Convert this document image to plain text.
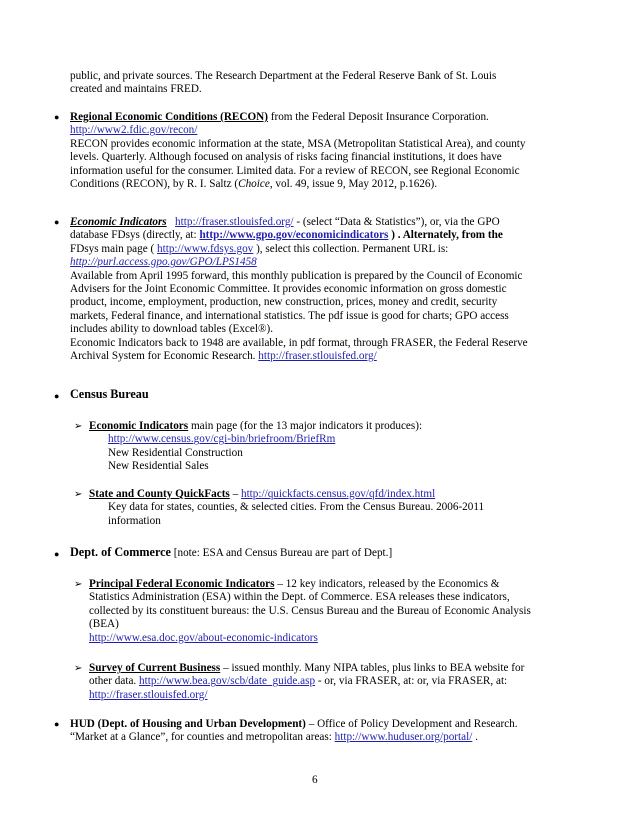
public, and private sources. The Research Department at the Federal Reserve Bank of St. Louis
created and maintains FRED.
● Regional Economic Conditions (RECON) from the Federal Deposit Insurance Corporation.
http://www2.fdic.gov/recon/
RECON provides economic information at the state, MSA (Metropolitan Statistical Area), and county
levels. Quarterly. Although focused on analysis of risks facing financial institutions, it does have
information useful for the consumer. Limited data. For a review of RECON, see Regional Economic
Conditions (RECON), by R. I. Saltz (Choice, vol. 49, issue 9, May 2012, p.1626).
● Economic Indicators http://fraser.stlouisfed.org/ - (select “Data & Statistics”), or, via the GPO
database FDsys (directly, at: http://www.gpo.gov/economicindicators ) . Alternately, from the
FDsys main page ( http://www.fdsys.gov ), select this collection. Permanent URL is:
http://purl.access.gpo.gov/GPO/LPS1458
Available from April 1995 forward, this monthly publication is prepared by the Council of Economic
Advisers for the Joint Economic Committee. It provides economic information on gross domestic
product, income, employment, production, new construction, prices, money and credit, security
markets, Federal finance, and international statistics. The pdf issue is good for charts; GPO access
includes ability to download tables (Excel®).
Economic Indicators back to 1948 are available, in pdf format, through FRASER, the Federal Reserve
Archival System for Economic Research. http://fraser.stlouisfed.org/
● Census Bureau
➢ Economic Indicators main page (for the 13 major indicators it produces):
http://www.census.gov/cgi-bin/briefroom/BriefRm
New Residential Construction
New Residential Sales
➢ State and County QuickFacts – http://quickfacts.census.gov/qfd/index.html
Key data for states, counties, & selected cities. From the Census Bureau. 2006-2011
information
● Dept. of Commerce [note: ESA and Census Bureau are part of Dept.]
➢ Principal Federal Economic Indicators – 12 key indicators, released by the Economics &
Statistics Administration (ESA) within the Dept. of Commerce. ESA releases these indicators,
collected by its constituent bureaus: the U.S. Census Bureau and the Bureau of Economic Analysis
(BEA)
http://www.esa.doc.gov/about-economic-indicators
➢ Survey of Current Business – issued monthly. Many NIPA tables, plus links to BEA website for
other data. http://www.bea.gov/scb/date_guide.asp - or, via FRASER, at: or, via FRASER, at:
http://fraser.stlouisfed.org/
● HUD (Dept. of Housing and Urban Development) – Office of Policy Development and Research.
“Market at a Glance”, for counties and metropolitan areas: http://www.huduser.org/portal/ .
6
